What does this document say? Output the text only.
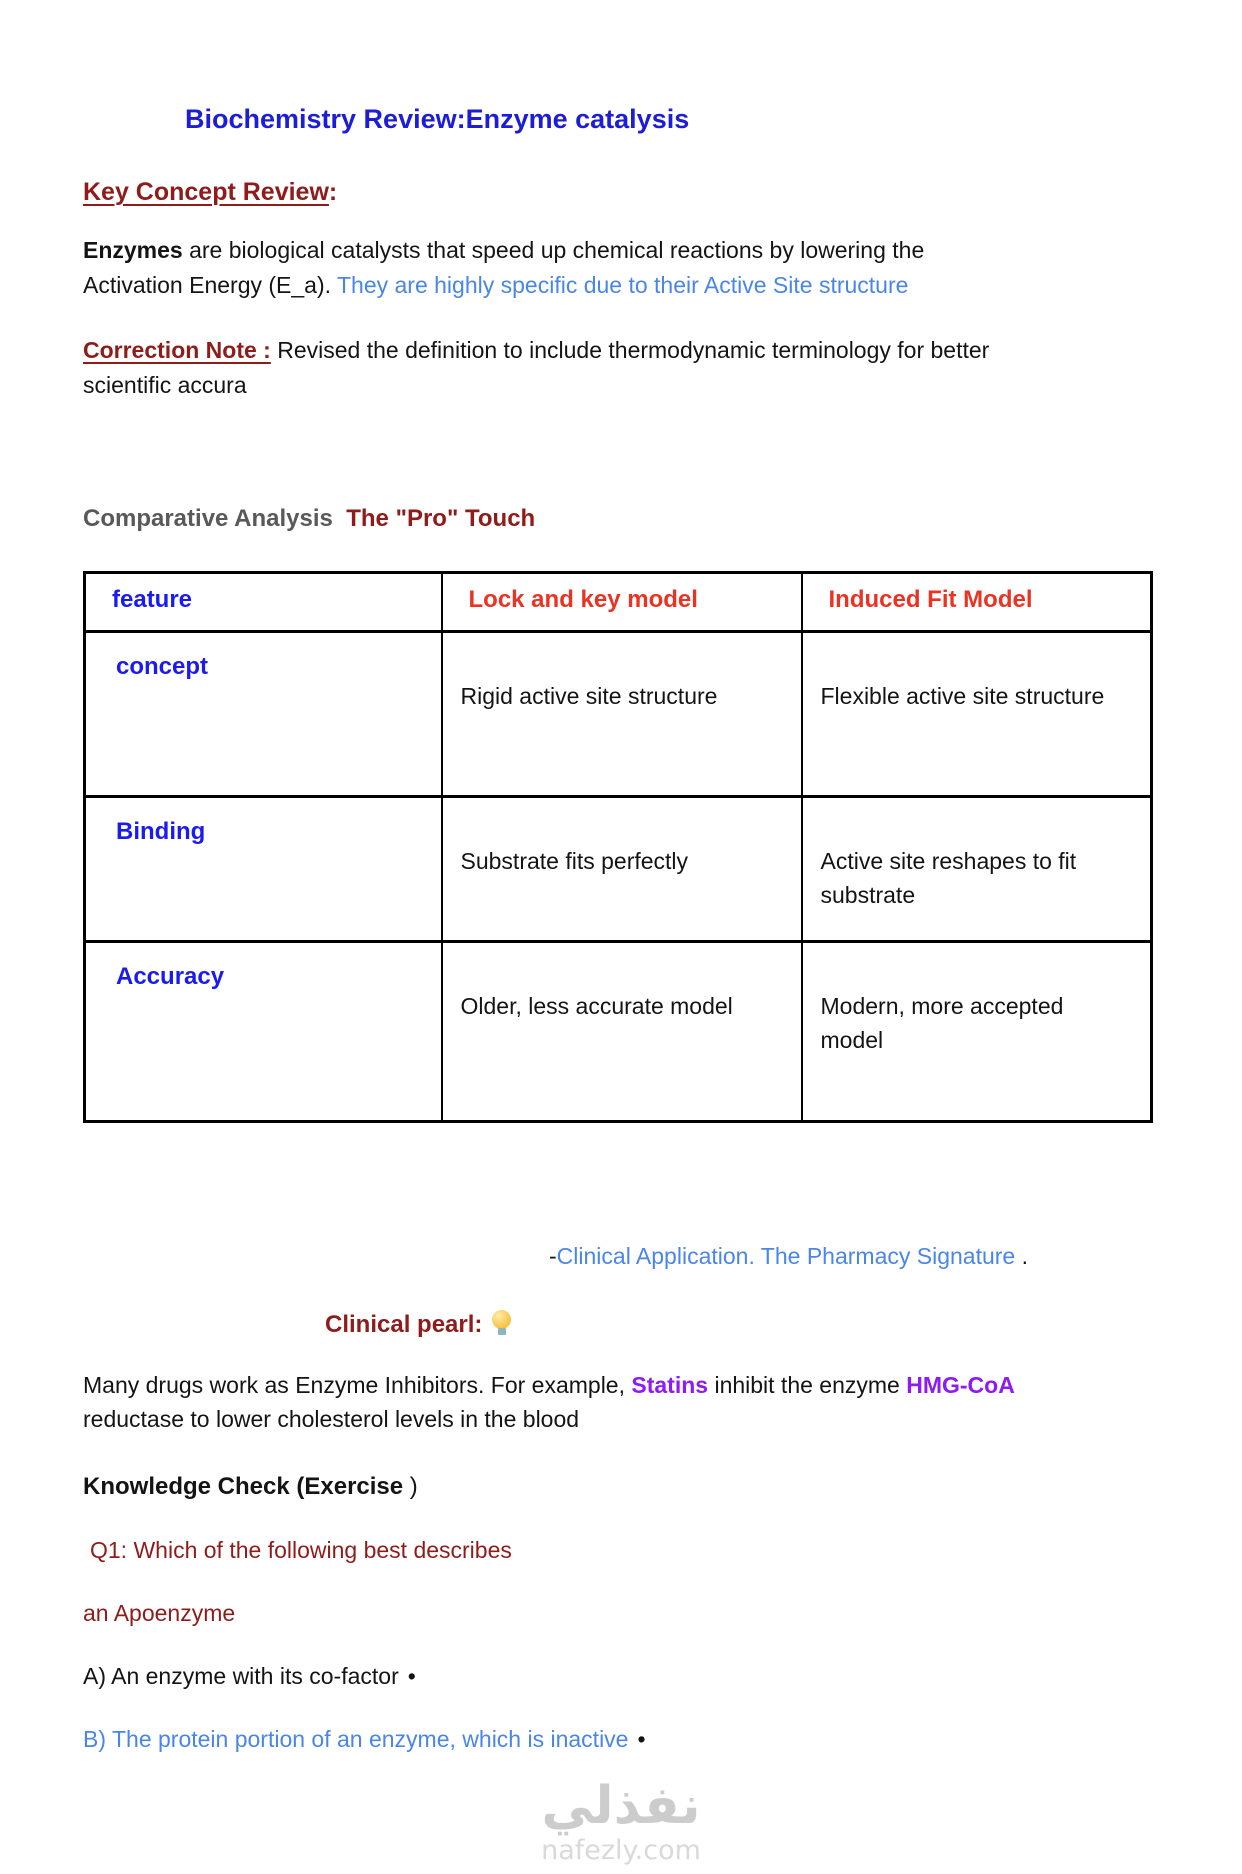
Biochemistry Review:Enzyme catalysis
Key Concept Review:

Enzymes are biological catalysts that speed up chemical reactions by lowering the
Activation Energy (E_a). They are highly specific due to their Active Site structure

Correction Note : Revised the definition to include thermodynamic terminology for better
scientific accura

Comparative Analysis The "Pro" Touch
feature	Lock and key model	Induced Fit Model
concept	Rigid active site structure	Flexible active site structure
Binding	Substrate fits perfectly	Active site reshapes to fit
substrate
Accuracy	Older, less accurate model	Modern, more accepted
model
-Clinical Application. The Pharmacy Signature .
Clinical pearl:

Many drugs work as Enzyme Inhibitors. For example, Statins inhibit the enzyme HMG-CoA
reductase to lower cholesterol levels in the blood

Knowledge Check (Exercise )
Q1: Which of the following best describes
an Apoenzyme
A) An enzyme with its co-factor •
B) The protein portion of an enzyme, which is inactive •
نفذلي
nafezly.com
